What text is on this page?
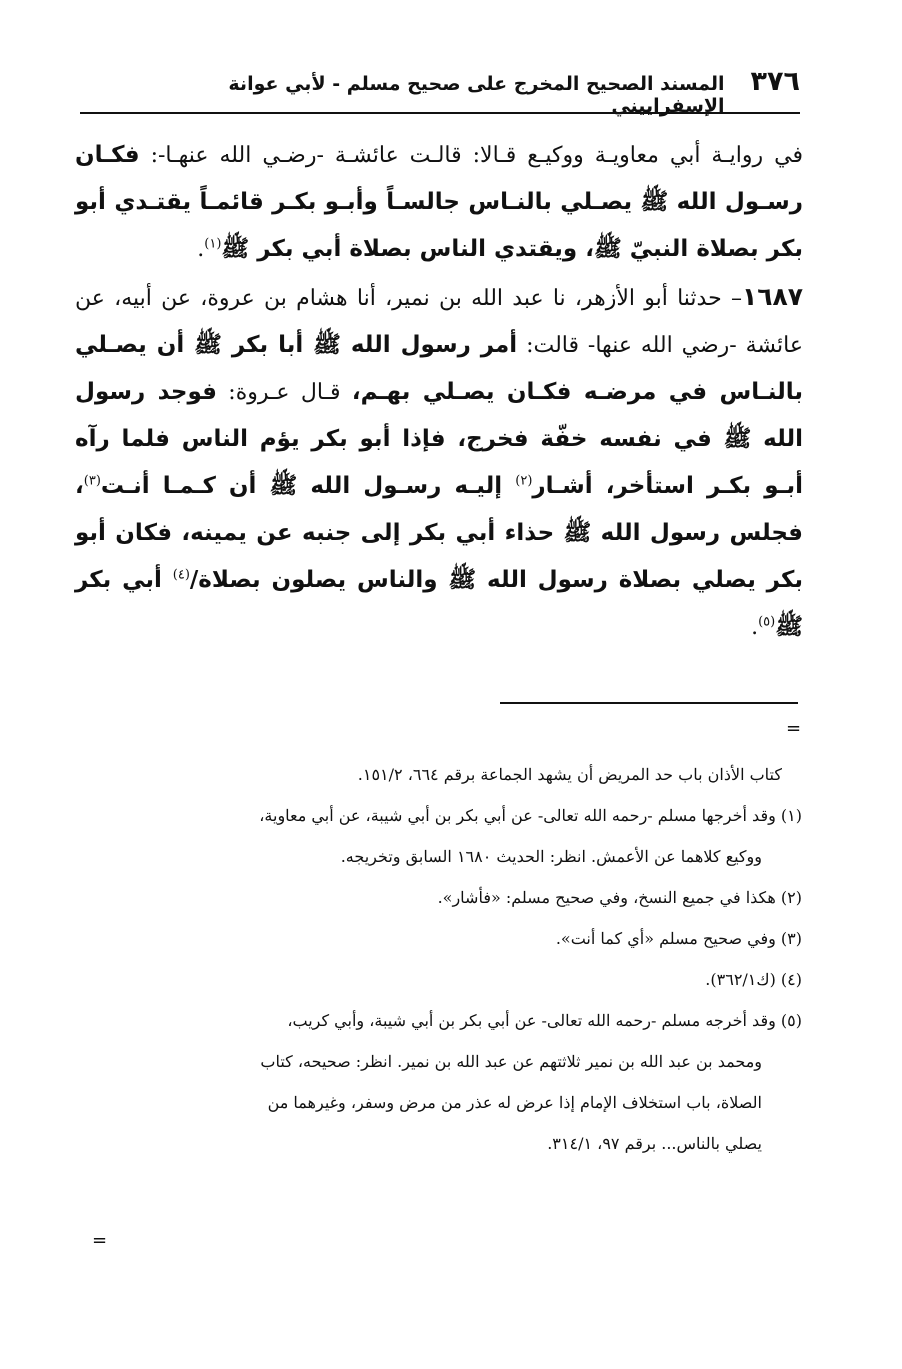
٣٧٦
المسند الصحيح المخرج على صحيح مسلم - لأبي عوانة الإسفراييني

في روايـة أبي معاويـة ووكيـع قـالا: قالـت عائشـة -رضـي الله عنهـا-: فكـان رسـول الله ﷺ يصـلي بالنـاس جالسـاً وأبـو بكـر قائمـاً يقتـدي أبو بكر بصلاة النبيّ ﷺ، ويقتدي الناس بصلاة أبي بكر ﷺ$^{(١)}$.

١٦٨٧– حدثنا أبو الأزهر، نا عبد الله بن نمير، أنا هشام بن عروة، عن أبيه، عن عائشة -رضي الله عنها- قالت: أمر رسول الله ﷺ أبا بكر ﷺ أن يصـلي بالنـاس في مرضـه فكـان يصـلي بهـم، قـال عـروة: فوجد رسول الله ﷺ في نفسه خفّة فخرج، فإذا أبو بكر يؤم الناس فلما رآه أبـو بكـر استأخر، أشـار$^{(٢)}$ إليـه رسـول الله ﷺ أن كـمـا أنـت$^{(٣)}$، فجلس رسول الله ﷺ حذاء أبي بكر إلى جنبه عن يمينه، فكان أبو بكر يصلي بصلاة رسول الله ﷺ والناس يصلون بصلاة/$^{(٤)}$ أبي بكر ﷺ$^{(٥)}$.

=

كتاب الأذان باب حد المريض أن يشهد الجماعة برقم ٦٦٤، ١٥١/٢.

(١) وقد أخرجها مسلم -رحمه الله تعالى- عن أبي بكر بن أبي شيبة، عن أبي معاوية،

ووكيع كلاهما عن الأعمش. انظر: الحديث ١٦٨٠ السابق وتخريجه.

(٢) هكذا في جميع النسخ، وفي صحيح مسلم: «فأشار».

(٣) وفي صحيح مسلم «أي كما أنت».

(٤) (ك٣٦٢/١).

(٥) وقد أخرجه مسلم -رحمه الله تعالى- عن أبي بكر بن أبي شيبة، وأبي كريب،

ومحمد بن عبد الله بن نمير ثلاثتهم عن عبد الله بن نمير. انظر: صحيحه، كتاب

الصلاة، باب استخلاف الإمام إذا عرض له عذر من مرض وسفر، وغيرهما من

يصلي بالناس... برقم ٩٧، ٣١٤/١.

=
